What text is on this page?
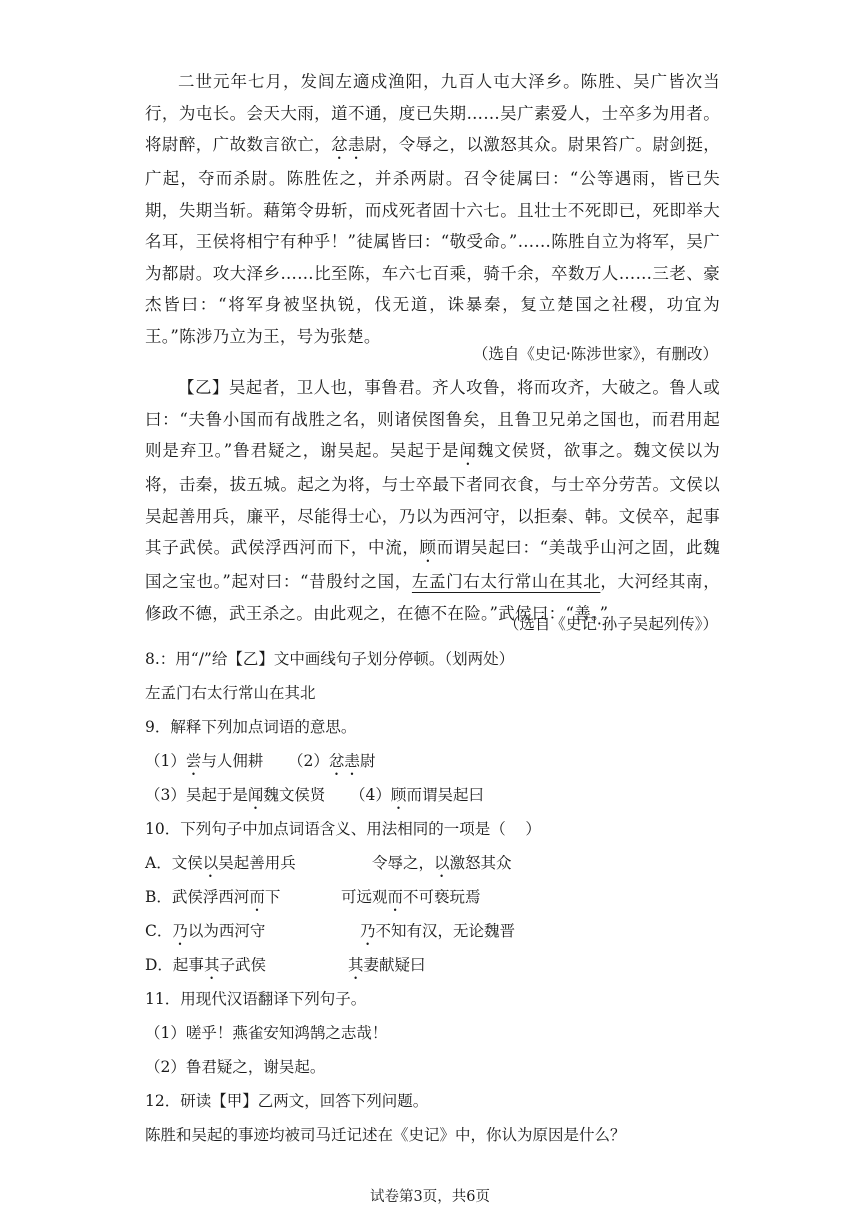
二世元年七月，发闾左適戍渔阳，九百人屯大泽乡。陈胜、吴广皆次当行，为屯长。会天大雨，道不通，度已失期……吴广素爱人，士卒多为用者。将尉醉，广故数言欲亡，忿恚尉，令辱之，以激怒其众。尉果笞广。尉剑挺，广起，夺而杀尉。陈胜佐之，并杀两尉。召令徒属曰：“公等遇雨，皆已失期，失期当斩。藉第令毋斩，而戍死者固十六七。且壮士不死即已，死即举大名耳，王侯将相宁有种乎！”徒属皆曰：“敬受命。”……陈胜自立为将军，吴广为都尉。攻大泽乡……比至陈，车六七百乘，骑千余，卒数万人……三老、豪杰皆曰：“将军身被坚执锐，伐无道，诛暴秦，复立楚国之社稷，功宜为王。”陈涉乃立为王，号为张楚。
（选自《史记·陈涉世家》，有删改）
【乙】吴起者，卫人也，事鲁君。齐人攻鲁，将而攻齐，大破之。鲁人或曰：“夫鲁小国而有战胜之名，则诸侯图鲁矣，且鲁卫兄弟之国也，而君用起则是弃卫。”鲁君疑之，谢吴起。吴起于是闻魏文侯贤，欲事之。魏文侯以为将，击秦，拔五城。起之为将，与士卒最下者同衣食，与士卒分劳苦。文侯以吴起善用兵，廉平，尽能得士心，乃以为西河守，以拒秦、韩。文侯卒，起事其子武侯。武侯浮西河而下，中流，顾而谓吴起曰：“美哉乎山河之固，此魏国之宝也。”起对曰：“昔殷纣之国，左孟门右太行常山在其北，大河经其南，修政不德，武王杀之。由此观之，在德不在险。”武侯曰：“善。”
（选自《史记·孙子吴起列传》）
8.：用“/”给【乙】文中画线句子划分停顿。（划两处）
左孟门右太行常山在其北
9．解释下列加点词语的意思。
（1）尝与人佣耕 （2）忿恚尉
（3）吴起于是闻魏文侯贤 （4）顾而谓吴起曰
10．下列句子中加点词语含义、用法相同的一项是（    ）
A．文侯以吴起善用兵	令辱之，以激怒其众
B．武侯浮西河而下	可远观而不可亵玩焉
C．乃以为西河守	乃不知有汉，无论魏晋
D．起事其子武侯	其妻献疑曰
11．用现代汉语翻译下列句子。
（1）嗟乎！燕雀安知鸿鹄之志哉！
（2）鲁君疑之，谢吴起。
12．研读【甲】乙两文，回答下列问题。
陈胜和吴起的事迹均被司马迁记述在《史记》中，你认为原因是什么？
试卷第3页，共6页
